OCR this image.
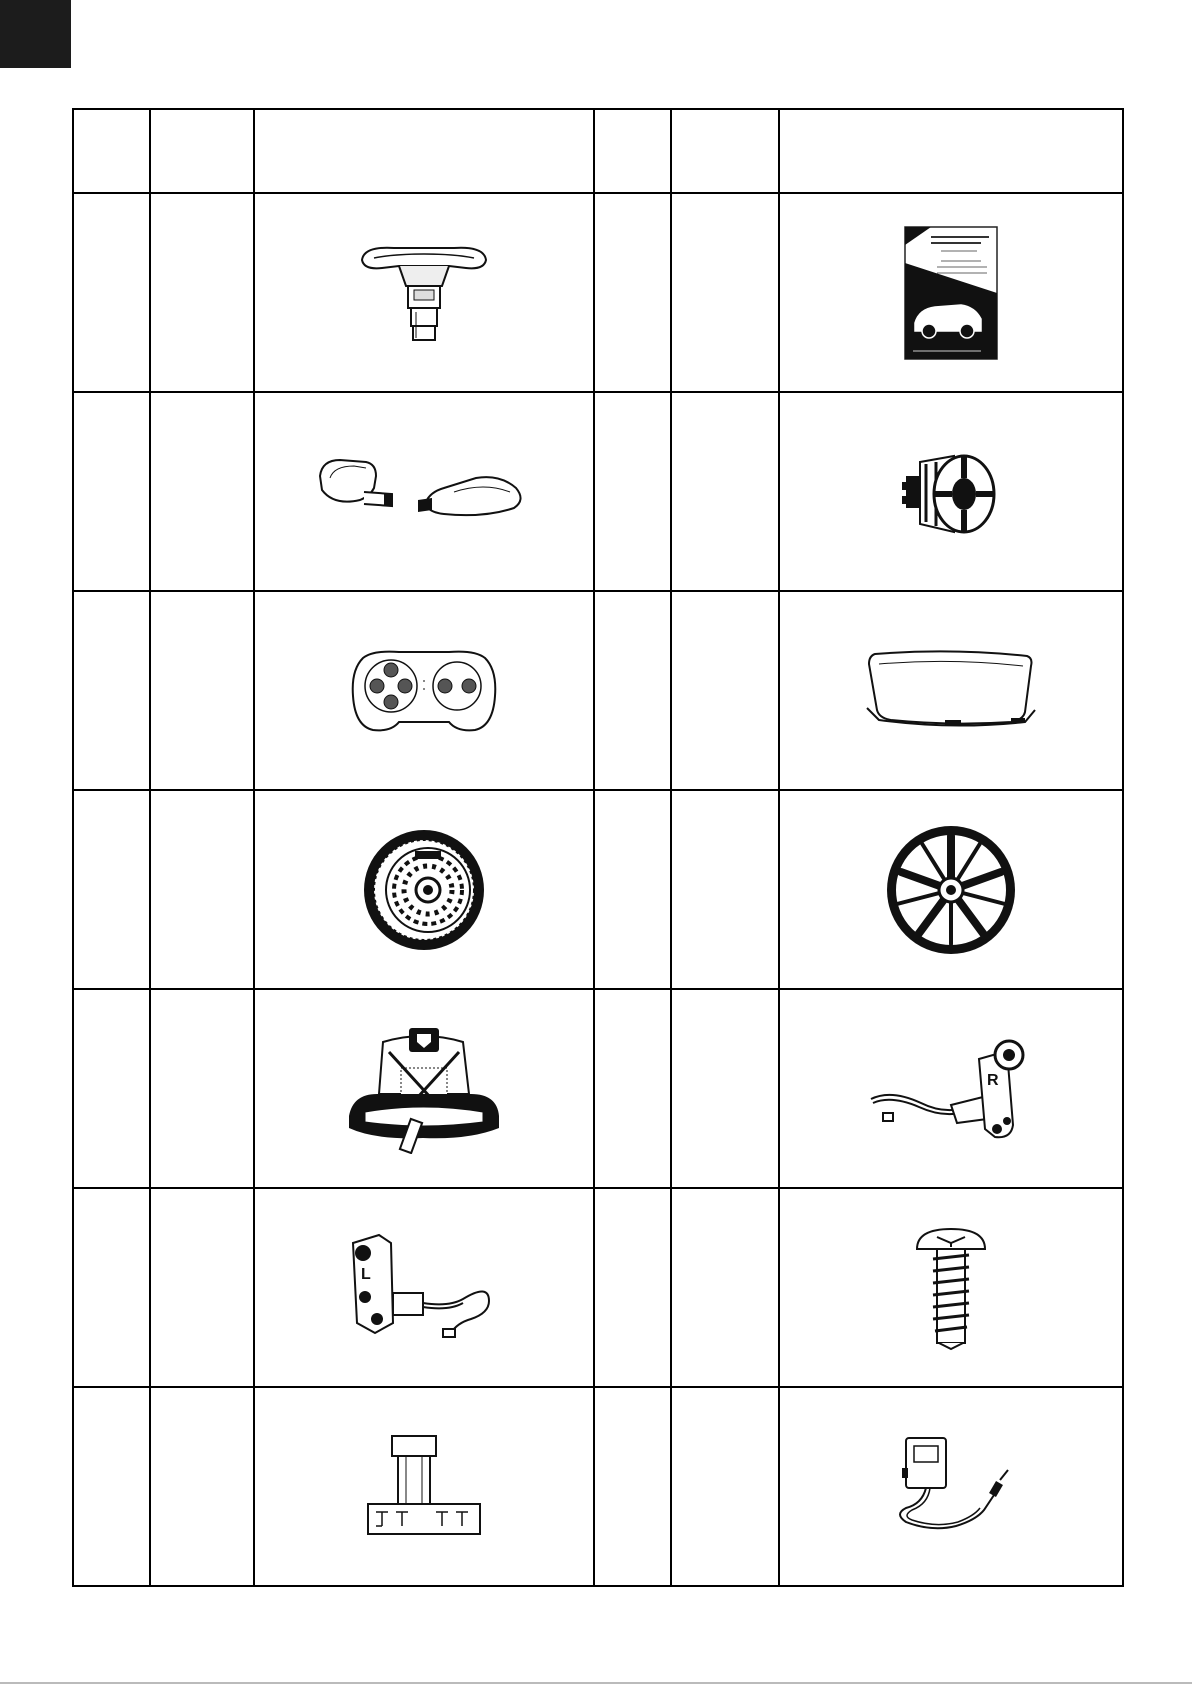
R

L
